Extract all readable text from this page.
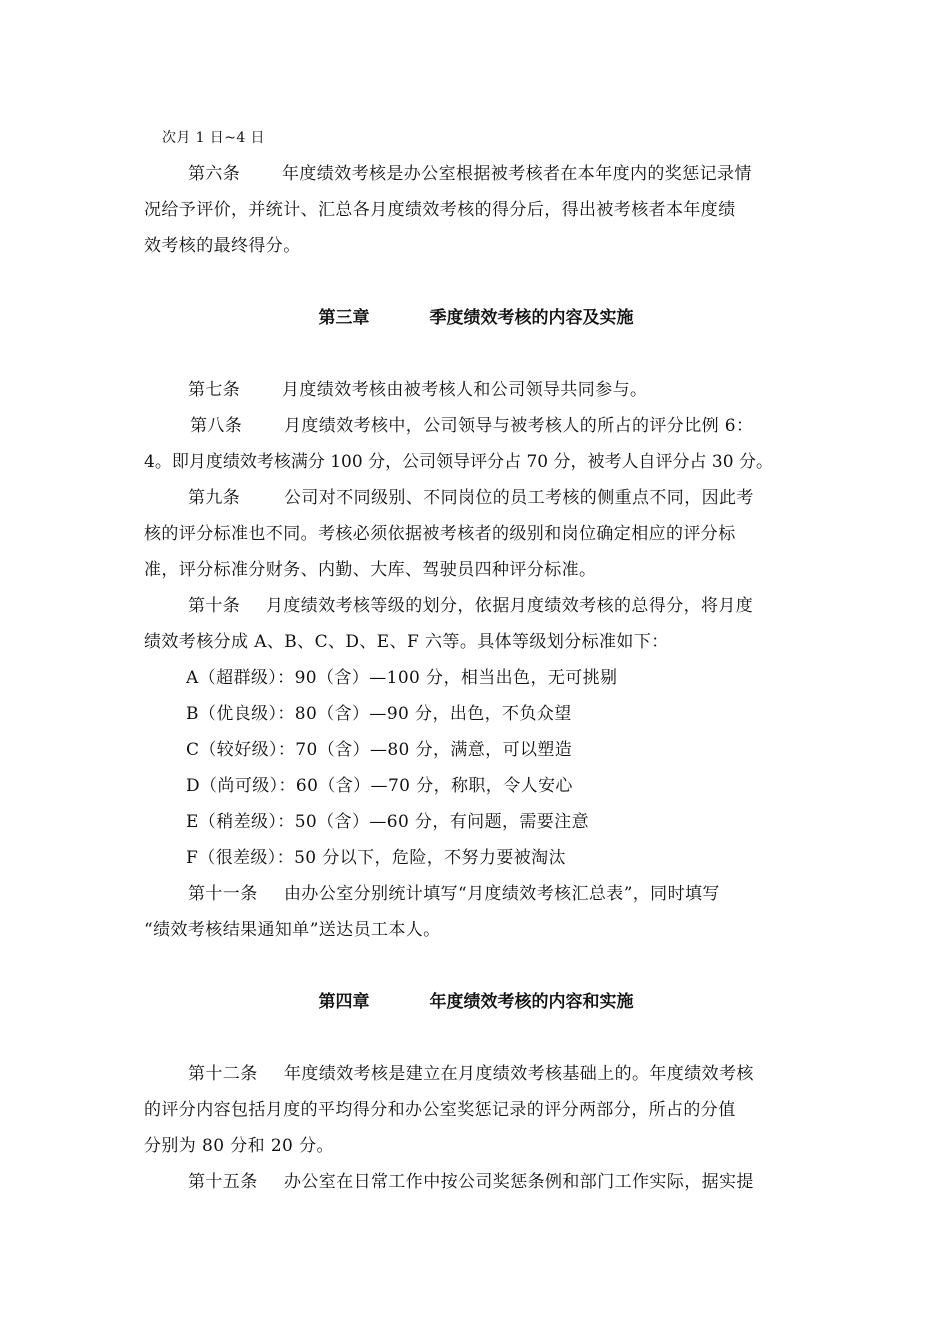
次月 1 日~4 日
第六条 年度绩效考核是办公室根据被考核者在本年度内的奖惩记录情
况给予评价，并统计、汇总各月度绩效考核的得分后，得出被考核者本年度绩
效考核的最终得分。
第三章	季度绩效考核的内容及实施
第七条 月度绩效考核由被考核人和公司领导共同参与。
第八条 月度绩效考核中，公司领导与被考核人的所占的评分比例 6：
4。即月度绩效考核满分 100 分，公司领导评分占 70 分，被考人自评分占 30 分。
第九条	公司对不同级别、不同岗位的员工考核的侧重点不同，因此考
核的评分标准也不同。考核必须依据被考核者的级别和岗位确定相应的评分标
准，评分标准分财务、内勤、大库、驾驶员四种评分标准。
第十条 月度绩效考核等级的划分，依据月度绩效考核的总得分，将月度
绩效考核分成 A、B、C、D、E、F 六等。具体等级划分标准如下：
A（超群级）：90（含）—100 分，相当出色，无可挑剔
B（优良级）：80（含）—90 分，出色，不负众望
C（较好级）：70（含）—80 分，满意，可以塑造
D（尚可级）：60（含）—70 分，称职，令人安心
E（稍差级）：50（含）—60 分，有问题，需要注意
F（很差级）：50 分以下，危险，不努力要被淘汰
第十一条 由办公室分别统计填写“月度绩效考核汇总表”，同时填写
“绩效考核结果通知单”送达员工本人。
第四章	年度绩效考核的内容和实施
第十二条 年度绩效考核是建立在月度绩效考核基础上的。年度绩效考核
的评分内容包括月度的平均得分和办公室奖惩记录的评分两部分，所占的分值
分别为 80 分和 20 分。
第十五条 办公室在日常工作中按公司奖惩条例和部门工作实际，据实提
